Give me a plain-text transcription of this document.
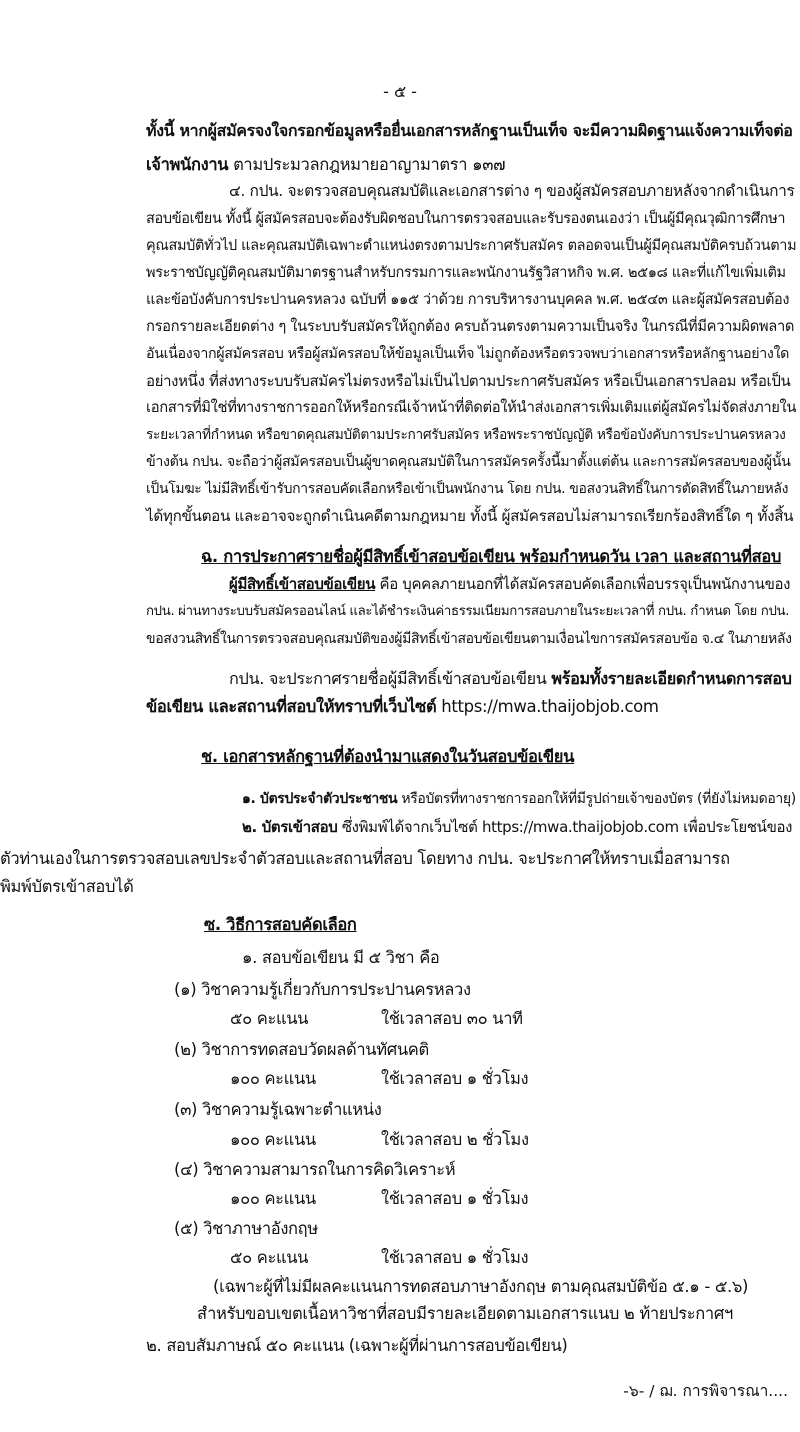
- ๕ -
ทั้งนี้ หากผู้สมัครจงใจกรอกข้อมูลหรือยื่นเอกสารหลักฐานเป็นเท็จ จะมีความผิดฐานแจ้งความเท็จต่อ
เจ้าพนักงาน ตามประมวลกฎหมายอาญามาตรา ๑๓๗
๔. กปน. จะตรวจสอบคุณสมบัติและเอกสารต่าง ๆ ของผู้สมัครสอบภายหลังจากดำเนินการ
สอบข้อเขียน ทั้งนี้ ผู้สมัครสอบจะต้องรับผิดชอบในการตรวจสอบและรับรองตนเองว่า เป็นผู้มีคุณวุฒิการศึกษา
คุณสมบัติทั่วไป และคุณสมบัติเฉพาะตำแหน่งตรงตามประกาศรับสมัคร ตลอดจนเป็นผู้มีคุณสมบัติครบถ้วนตาม
พระราชบัญญัติคุณสมบัติมาตรฐานสำหรับกรรมการและพนักงานรัฐวิสาหกิจ พ.ศ. ๒๕๑๘ และที่แก้ไขเพิ่มเติม
และข้อบังคับการประปานครหลวง ฉบับที่ ๑๑๕ ว่าด้วย การบริหารงานบุคคล พ.ศ. ๒๕๔๓ และผู้สมัครสอบต้อง
กรอกรายละเอียดต่าง ๆ ในระบบรับสมัครให้ถูกต้อง ครบถ้วนตรงตามความเป็นจริง ในกรณีที่มีความผิดพลาด
อันเนื่องจากผู้สมัครสอบ หรือผู้สมัครสอบให้ข้อมูลเป็นเท็จ ไม่ถูกต้องหรือตรวจพบว่าเอกสารหรือหลักฐานอย่างใด
อย่างหนึ่ง ที่ส่งทางระบบรับสมัครไม่ตรงหรือไม่เป็นไปตามประกาศรับสมัคร หรือเป็นเอกสารปลอม หรือเป็น
เอกสารที่มิใช่ที่ทางราชการออกให้หรือกรณีเจ้าหน้าที่ติดต่อให้นำส่งเอกสารเพิ่มเติมแต่ผู้สมัครไม่จัดส่งภายใน
ระยะเวลาที่กำหนด หรือขาดคุณสมบัติตามประกาศรับสมัคร หรือพระราชบัญญัติ หรือข้อบังคับการประปานครหลวง
ข้างต้น กปน. จะถือว่าผู้สมัครสอบเป็นผู้ขาดคุณสมบัติในการสมัครครั้งนี้มาตั้งแต่ต้น และการสมัครสอบของผู้นั้น
เป็นโมฆะ ไม่มีสิทธิ์เข้ารับการสอบคัดเลือกหรือเข้าเป็นพนักงาน โดย กปน. ขอสงวนสิทธิ์ในการตัดสิทธิ์ในภายหลัง
ได้ทุกขั้นตอน และอาจจะถูกดำเนินคดีตามกฎหมาย ทั้งนี้ ผู้สมัครสอบไม่สามารถเรียกร้องสิทธิ์ใด ๆ ทั้งสิ้น
ฉ. การประกาศรายชื่อผู้มีสิทธิ์เข้าสอบข้อเขียน พร้อมกำหนดวัน เวลา และสถานที่สอบ
ผู้มีสิทธิ์เข้าสอบข้อเขียน คือ บุคคลภายนอกที่ได้สมัครสอบคัดเลือกเพื่อบรรจุเป็นพนักงานของ
กปน. ผ่านทางระบบรับสมัครออนไลน์ และได้ชำระเงินค่าธรรมเนียมการสอบภายในระยะเวลาที่ กปน. กำหนด โดย กปน.
ขอสงวนสิทธิ์ในการตรวจสอบคุณสมบัติของผู้มีสิทธิ์เข้าสอบข้อเขียนตามเงื่อนไขการสมัครสอบข้อ จ.๔ ในภายหลัง
กปน. จะประกาศรายชื่อผู้มีสิทธิ์เข้าสอบข้อเขียน พร้อมทั้งรายละเอียดกำหนดการสอบ
ข้อเขียน และสถานที่สอบให้ทราบที่เว็บไซต์ https://mwa.thaijobjob.com
ช. เอกสารหลักฐานที่ต้องนำมาแสดงในวันสอบข้อเขียน
๑. บัตรประจำตัวประชาชน หรือบัตรที่ทางราชการออกให้ที่มีรูปถ่ายเจ้าของบัตร (ที่ยังไม่หมดอายุ)
๒. บัตรเข้าสอบ ซึ่งพิมพ์ได้จากเว็บไซต์ https://mwa.thaijobjob.com เพื่อประโยชน์ของ
ตัวท่านเองในการตรวจสอบเลขประจำตัวสอบและสถานที่สอบ โดยทาง กปน. จะประกาศให้ทราบเมื่อสามารถ
พิมพ์บัตรเข้าสอบได้
ซ. วิธีการสอบคัดเลือก
๑. สอบข้อเขียน มี ๕ วิชา คือ
(๑) วิชาความรู้เกี่ยวกับการประปานครหลวง
๕๐ คะแนน	ใช้เวลาสอบ ๓๐ นาที
(๒) วิชาการทดสอบวัดผลด้านทัศนคติ
๑๐๐ คะแนน	ใช้เวลาสอบ ๑ ชั่วโมง
(๓) วิชาความรู้เฉพาะตำแหน่ง
๑๐๐ คะแนน	ใช้เวลาสอบ ๒ ชั่วโมง
(๔) วิชาความสามารถในการคิดวิเคราะห์
๑๐๐ คะแนน	ใช้เวลาสอบ ๑ ชั่วโมง
(๕) วิชาภาษาอังกฤษ
๕๐ คะแนน	ใช้เวลาสอบ ๑ ชั่วโมง
(เฉพาะผู้ที่ไม่มีผลคะแนนการทดสอบภาษาอังกฤษ ตามคุณสมบัติข้อ ๕.๑ - ๕.๖)
สำหรับขอบเขตเนื้อหาวิชาที่สอบมีรายละเอียดตามเอกสารแนบ ๒ ท้ายประกาศฯ
๒. สอบสัมภาษณ์ ๕๐ คะแนน (เฉพาะผู้ที่ผ่านการสอบข้อเขียน)
-๖- / ฌ. การพิจารณา....
